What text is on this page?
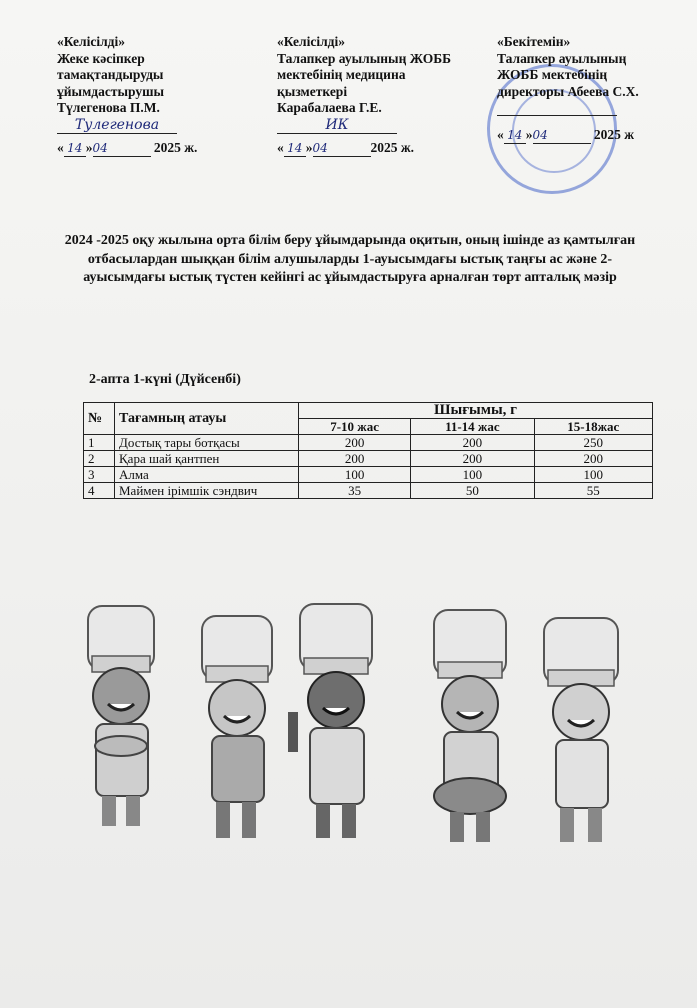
«Келісілді»
Жеке кәсіпкер
тамақтандыруды
ұйымдастырушы
Түлегенова П.М.
Тулегенова
« 14 »04	2025 ж.
«Келісілді»
Талапкер ауылының ЖОББ
мектебінің медицина
қызметкері
Карабалаева Г.Е.
ИК
« 14 »04	2025 ж.
«Бекітемін»
Талапкер ауылының
ЖОББ мектебінің
директоры Абеева С.Х.
« 14 »04	2025 ж
2024 -2025 оқу жылына орта білім беру ұйымдарында оқитын, оның ішінде аз қамтылған отбасылардан шыққан білім алушыларды 1-ауысымдағы ыстық таңғы ас және 2-ауысымдағы ыстық түстен кейінгі ас ұйымдастыруға арналған төрт апталық мәзір
2-апта 1-күні (Дүйсенбі)
№	Тағамның атауы	Шығымы, г		
		7-10 жас	11-14 жас	15-18жас
1	Достық тары ботқасы	200	200	250
2	Қара шай қантпен	200	200	200
3	Алма	100	100	100
4	Маймен ірімшік сэндвич	35	50	55
